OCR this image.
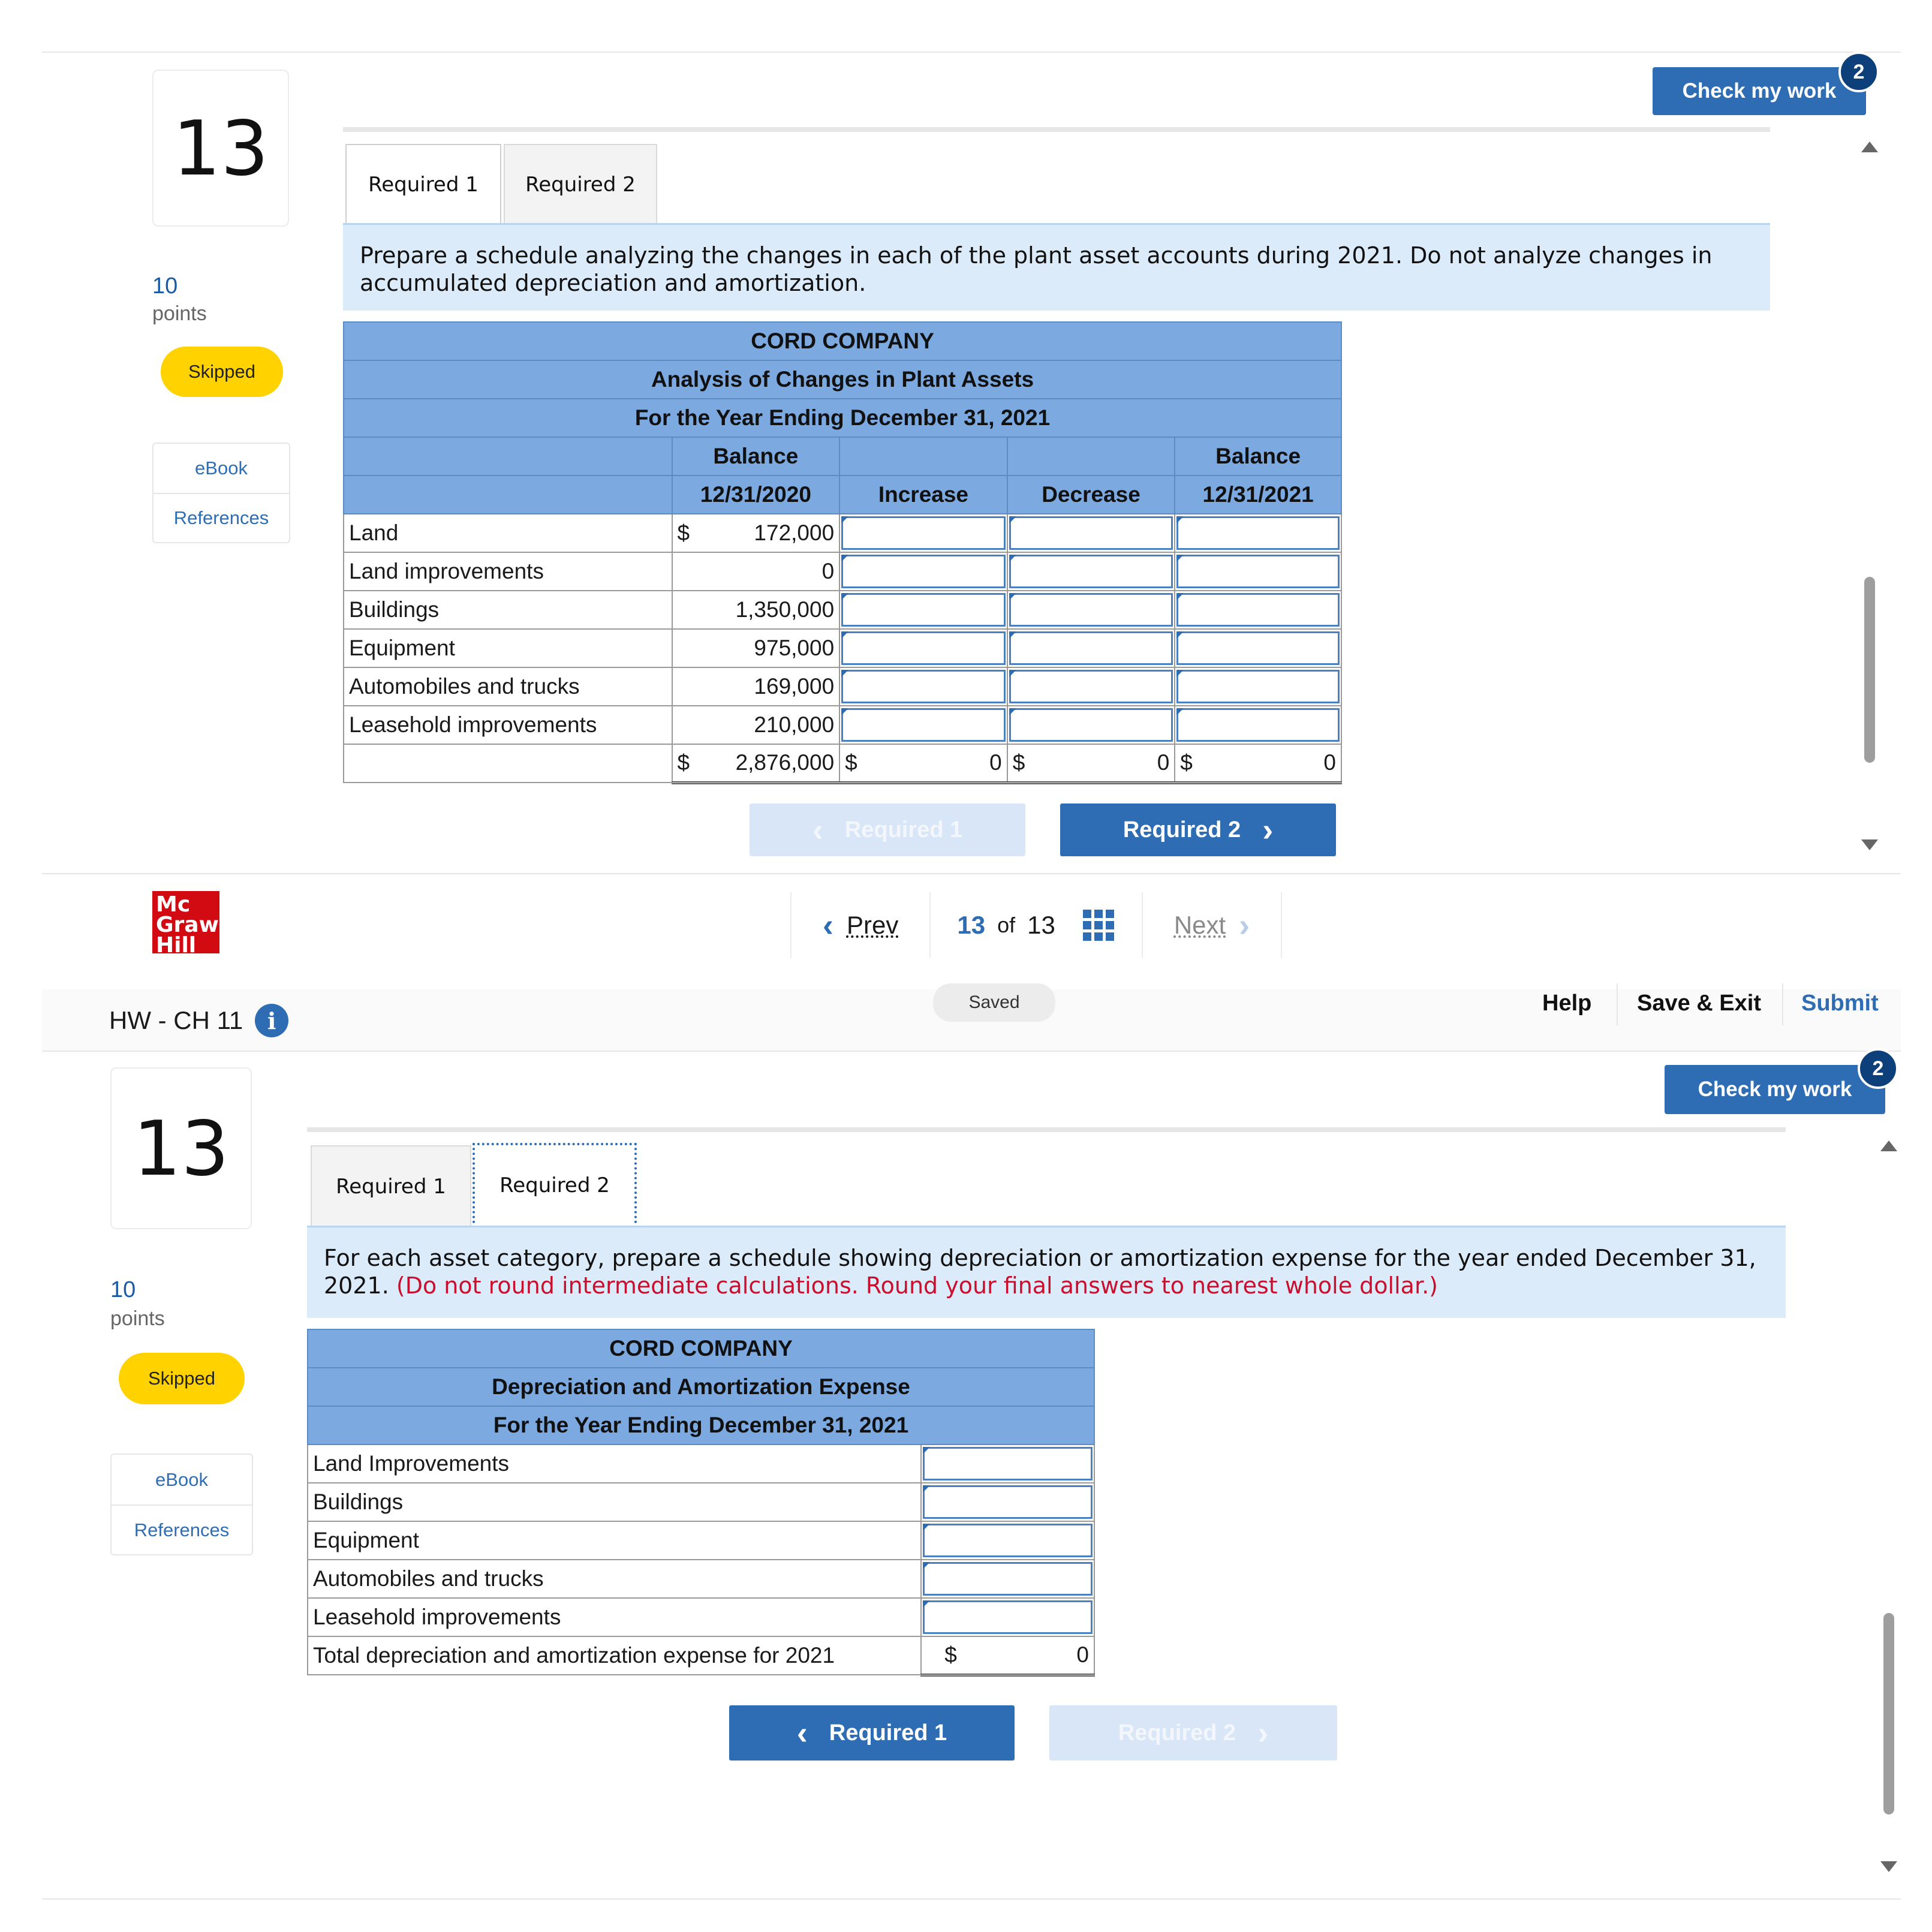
13
10
points
Skipped
eBook
References
Check my work
2
Required 1	Required 2
Prepare a schedule analyzing the changes in each of the plant asset accounts during 2021. Do not analyze changes in accumulated depreciation and amortization.
CORD COMPANY				
Analysis of Changes in Plant Assets				
For the Year Ending December 31, 2021				
	Balance			Balance
	12/31/2020	Increase	Decrease	12/31/2021
Land	$ 172,000			

Land improvements	0	

Buildings	1,350,000	

Equipment	975,000	

Automobiles and trucks	169,000	

Leasehold improvements	210,000	

	$ 2,876,000	$ 0	$ 0	$ 0
‹ Required 1	Required 2 ›
Mc
Graw
Hill
‹ Prev 13 of 13	Next ›
HW - CH 11	i
Saved	Help Save & Exit Submit
13
10
points
Skipped
eBook
References
Check my work
2
Required 1	Required 2
For each asset category, prepare a schedule showing depreciation or amortization expense for the year ended December 31, 2021. (Do not round intermediate calculations. Round your final answers to nearest whole dollar.)
CORD COMPANY	
Depreciation and Amortization Expense	
For the Year Ending December 31, 2021	
Land Improvements	

Buildings	

Equipment	

Automobiles and trucks	

Leasehold improvements	

Total depreciation and amortization expense for 2021	$ 0
‹ Required 1	Required 2 ›
